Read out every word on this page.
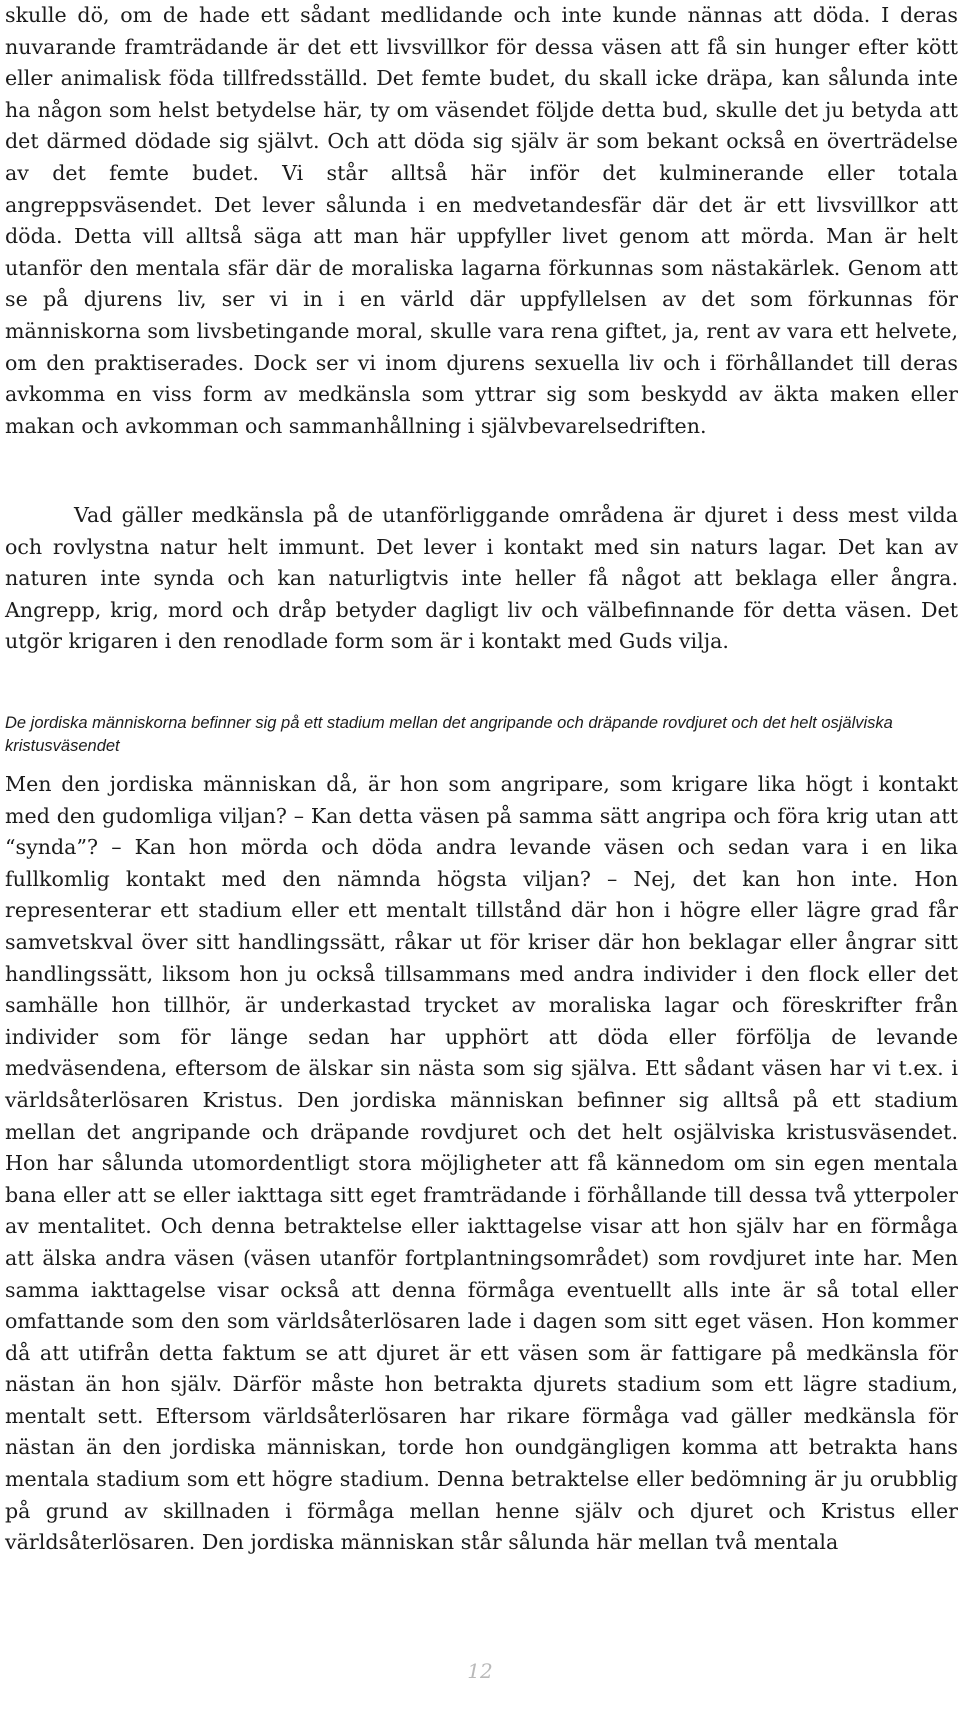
skulle dö, om de hade ett sådant medlidande och inte kunde nännas att döda. I deras nuvarande framträdande är det ett livsvillkor för dessa väsen att få sin hunger efter kött eller animalisk föda tillfredsställd. Det femte budet, du skall icke dräpa, kan sålunda inte ha någon som helst betydelse här, ty om väsendet följde detta bud, skulle det ju betyda att det därmed dödade sig självt. Och att döda sig själv är som bekant också en överträdelse av det femte budet. Vi står alltså här inför det kulminerande eller totala angreppsväsendet. Det lever sålunda i en medvetandesfär där det är ett livsvillkor att döda. Detta vill alltså säga att man här uppfyller livet genom att mörda. Man är helt utanför den mentala sfär där de moraliska lagarna förkunnas som nästakärlek. Genom att se på djurens liv, ser vi in i en värld där uppfyllelsen av det som förkunnas för människorna som livsbetingande moral, skulle vara rena giftet, ja, rent av vara ett helvete, om den praktiserades. Dock ser vi inom djurens sexuella liv och i förhållandet till deras avkomma en viss form av medkänsla som yttrar sig som beskydd av äkta maken eller makan och avkomman och sammanhållning i självbevarelsedriften.

Vad gäller medkänsla på de utanförliggande områdena är djuret i dess mest vilda och rovlystna natur helt immunt. Det lever i kontakt med sin naturs lagar. Det kan av naturen inte synda och kan naturligtvis inte heller få något att beklaga eller ångra. Angrepp, krig, mord och dråp betyder dagligt liv och välbefinnande för detta väsen. Det utgör krigaren i den renodlade form som är i kontakt med Guds vilja.

De jordiska människorna befinner sig på ett stadium mellan det angripande och dräpande rovdjuret och det helt osjälviska kristusväsendet

Men den jordiska människan då, är hon som angripare, som krigare lika högt i kontakt med den gudomliga viljan? – Kan detta väsen på samma sätt angripa och föra krig utan att “synda”? – Kan hon mörda och döda andra levande väsen och sedan vara i en lika fullkomlig kontakt med den nämnda högsta viljan? – Nej, det kan hon inte. Hon representerar ett stadium eller ett mentalt tillstånd där hon i högre eller lägre grad får samvetskval över sitt handlingssätt, råkar ut för kriser där hon beklagar eller ångrar sitt handlingssätt, liksom hon ju också tillsammans med andra individer i den flock eller det samhälle hon tillhör, är underkastad trycket av moraliska lagar och föreskrifter från individer som för länge sedan har upphört att döda eller förfölja de levande medväsendena, eftersom de älskar sin nästa som sig själva. Ett sådant väsen har vi t.ex. i världsåterlösaren Kristus. Den jordiska människan befinner sig alltså på ett stadium mellan det angripande och dräpande rovdjuret och det helt osjälviska kristusväsendet. Hon har sålunda utomordentligt stora möjligheter att få kännedom om sin egen mentala bana eller att se eller iakttaga sitt eget framträdande i förhållande till dessa två ytterpoler av mentalitet. Och denna betraktelse eller iakttagelse visar att hon själv har en förmåga att älska andra väsen (väsen utanför fortplantningsområdet) som rovdjuret inte har. Men samma iakttagelse visar också att denna förmåga eventuellt alls inte är så total eller omfattande som den som världsåterlösaren lade i dagen som sitt eget väsen. Hon kommer då att utifrån detta faktum se att djuret är ett väsen som är fattigare på medkänsla för nästan än hon själv. Därför måste hon betrakta djurets stadium som ett lägre stadium, mentalt sett. Eftersom världsåterlösaren har rikare förmåga vad gäller medkänsla för nästan än den jordiska människan, torde hon oundgängligen komma att betrakta hans mentala stadium som ett högre stadium. Denna betraktelse eller bedömning är ju orubblig på grund av skillnaden i förmåga mellan henne själv och djuret och Kristus eller världsåterlösaren. Den jordiska människan står sålunda här mellan två mentala

12
